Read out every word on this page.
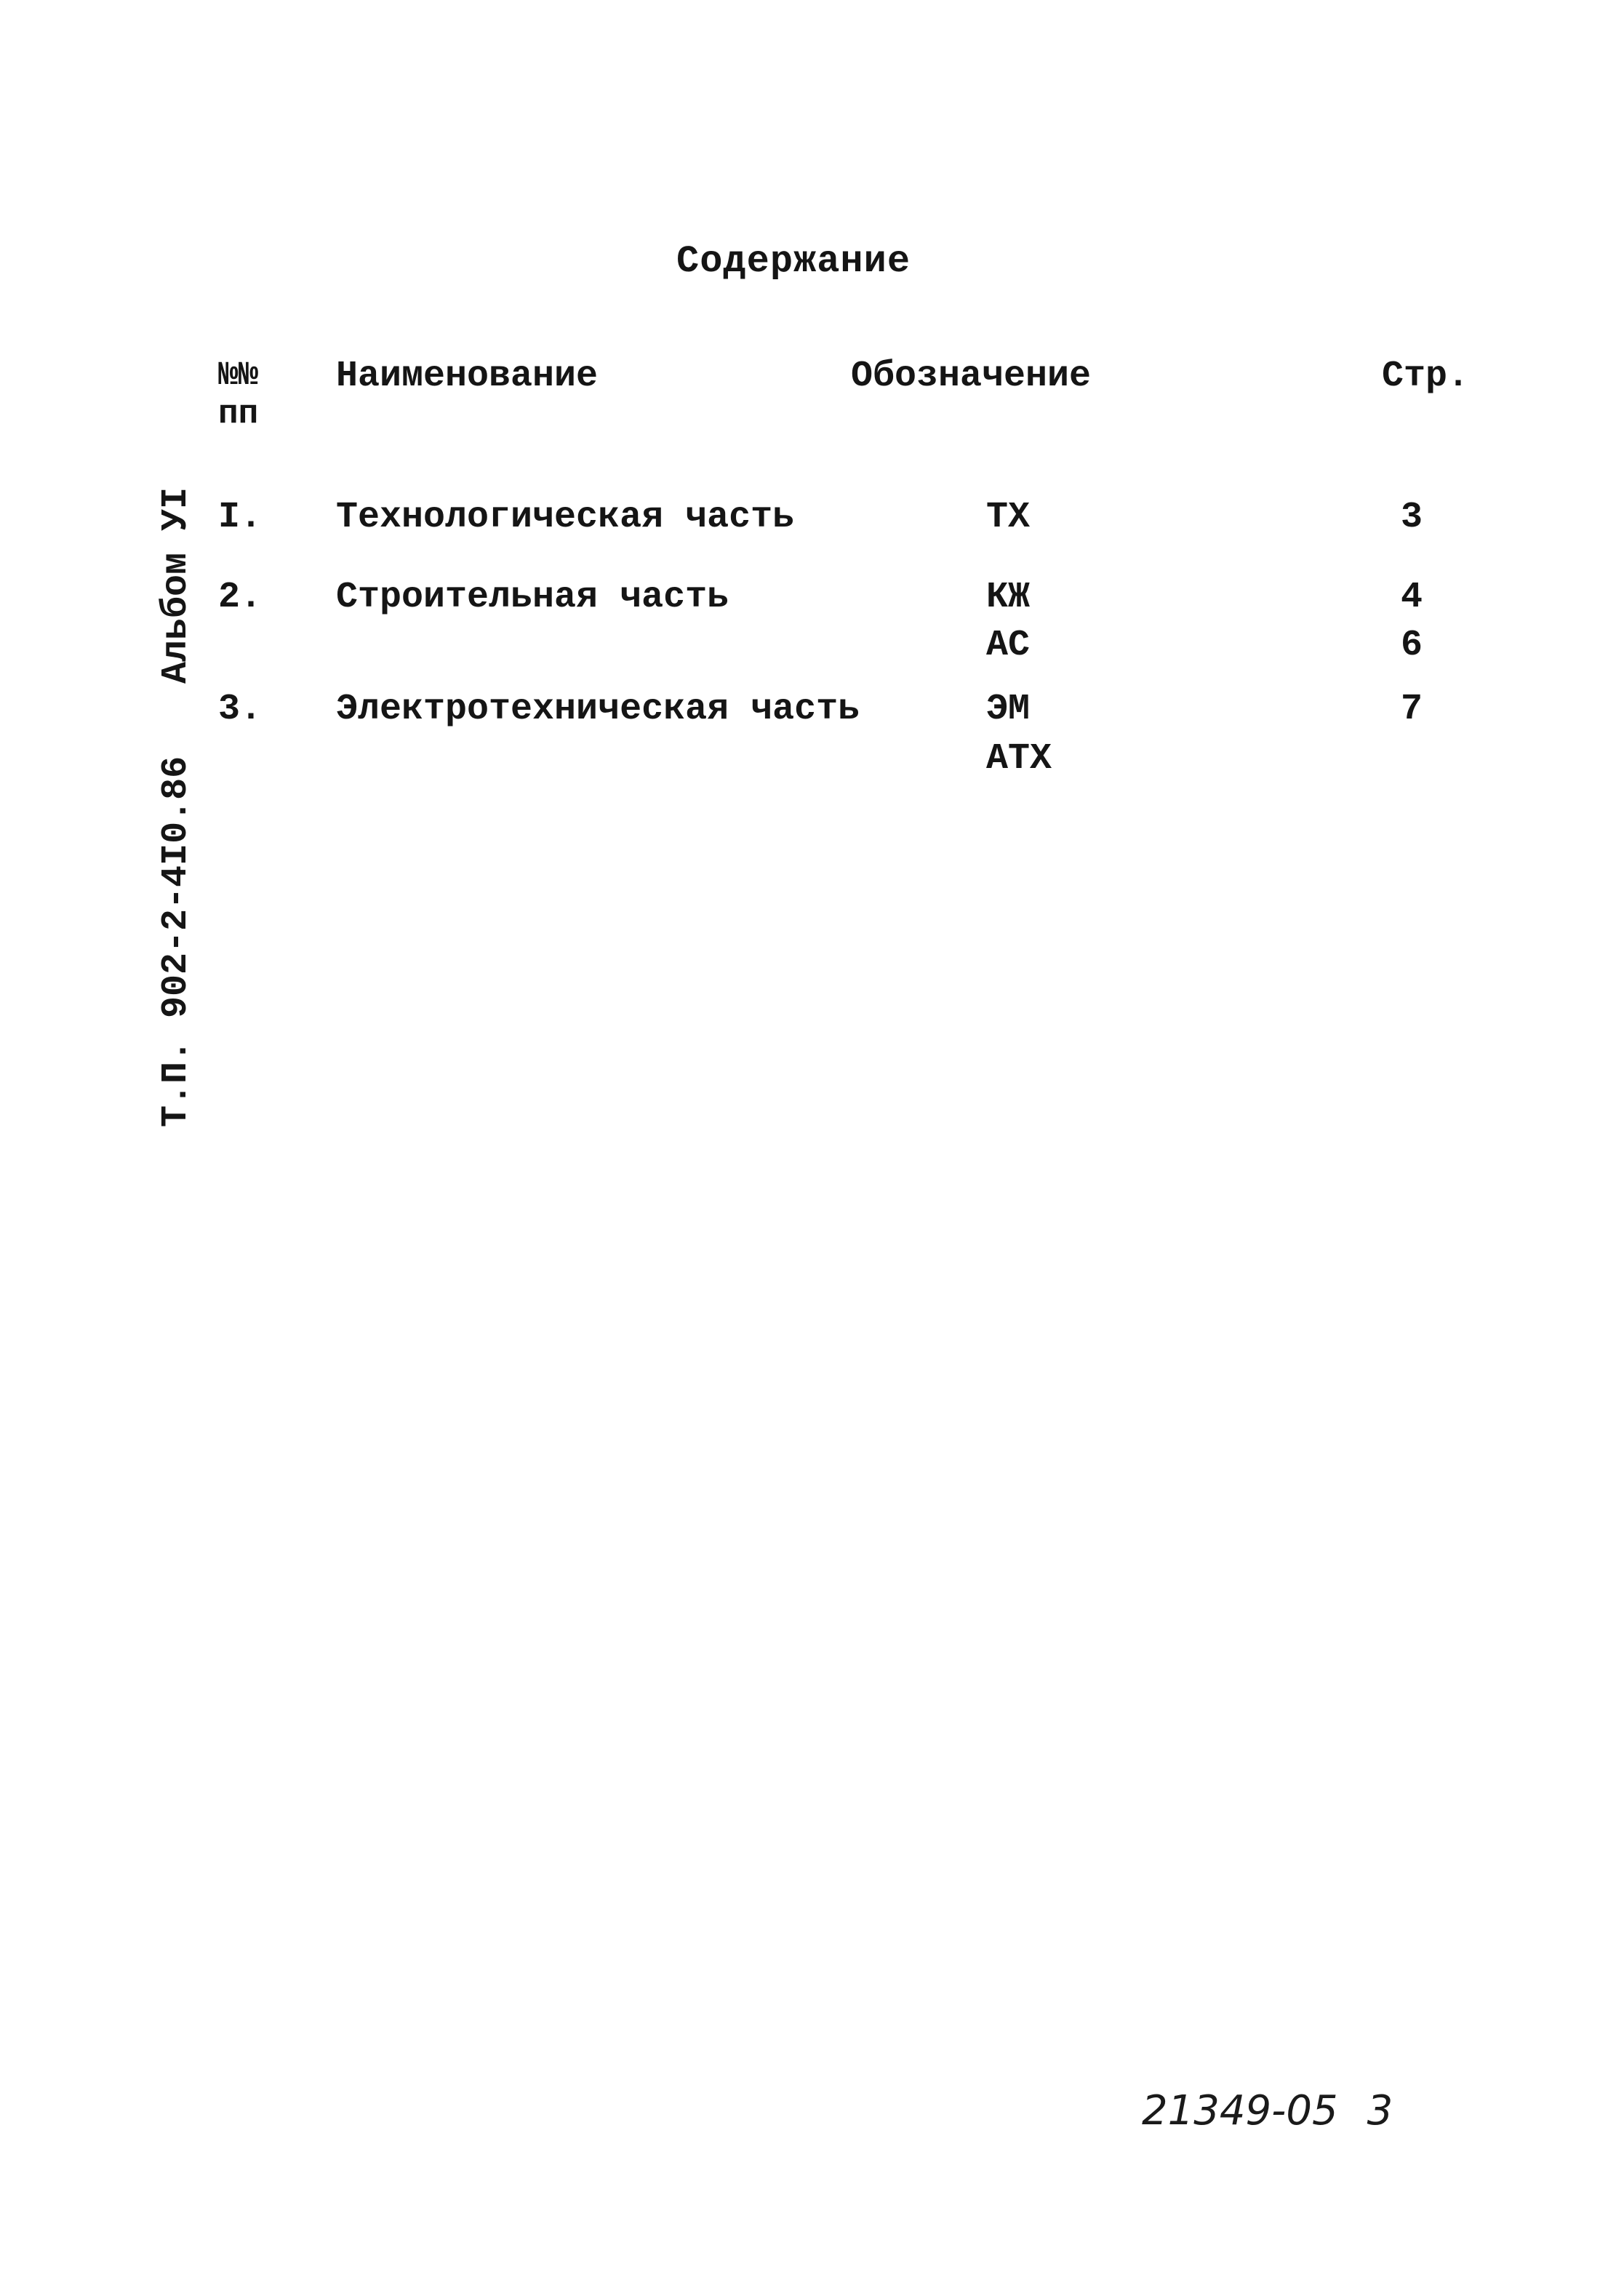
Содержание
Альбом УI
Т.П. 902-2-4I0.86
№№
пп
Наименование	Обозначение	Стр.
I. Технологическая часть	ТХ	3
2. Строительная часть	КЖ	4
АС	6
3. Электротехническая часть	ЭМ	7
АТХ
21349-05 3
